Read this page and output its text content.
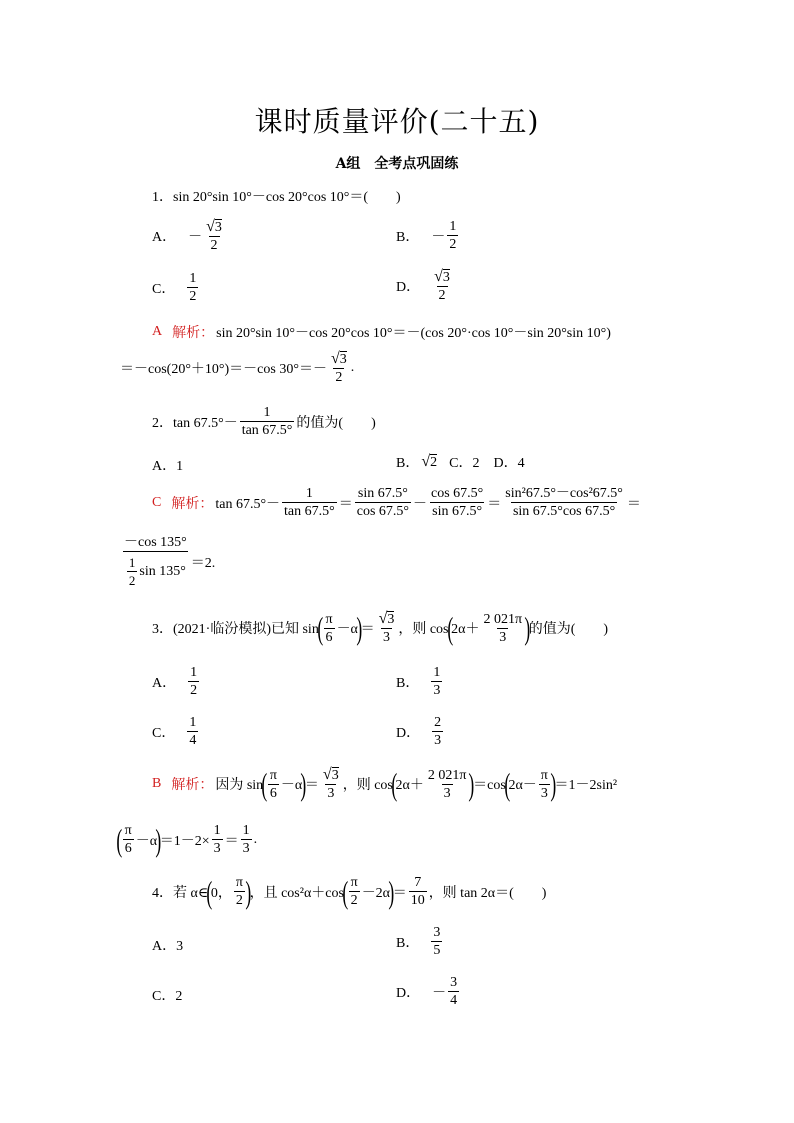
课时质量评价(二十五)
A组　全考点巩固练
1．sin 20°sin 10°－cos 20°cos 10°＝(　　)
A． － $\frac{√ 3}{2}$	B． － $\frac{1}{2}$
C． $\frac{1}{2}$	D． $\frac{√ 3}{2}$
A 解析： sin 20°sin 10°－cos 20°cos 10°＝－(cos 20°·cos 10°－sin 20°sin 10°)
＝－cos(20°＋10°)＝－cos $30^\circ=- \frac{√ 3}{2}$ .
2．$\tan 67.5^\circ- \frac{1}{\tan 67.5^\circ}$ 的值为(　　)
A．1	B． √ 2 C．2 D．4
C 解析： $\tan 67.5^\circ- \frac{1}{\tan 67.5^\circ} = \frac{\sin 67.5^\circ}{\cos 67.5^\circ} - \frac{\cos 67.5^\circ}{\sin 67.5^\circ} = \frac{\text{sin²67.5°－cos²67.5°}}{\sin 67.5^\circ\cos 67.5^\circ}$ ＝
$\frac{-\cos 135^\circ}{\frac{1}{2} \sin 135^\circ} =2$.
3．(2021·临汾模拟)已知 sin
( $\frac{\pi}{6} -\alpha$
)
＝ $\frac{√ 3}{3}$ ，则 cos
(
$2\alpha+ \frac{2 021\pi}{3}$ )
的值为(　　)
A． $\frac{1}{2}$	B． $\frac{1}{3}$
C． $\frac{1}{4}$	D． $\frac{2}{3}$
B 解析： 因为 sin
( $\frac{\pi}{6} -\alpha$
)
＝ $\frac{√ 3}{3}$ ，则 cos
(
$2\alpha+ \frac{2 021\pi}{3}$ )
＝cos
(
$2\alpha- \frac{\pi}{3}$ )
＝1－2sin²
( $\frac{\pi}{6} -\alpha$
)
$=1-2\times \frac{1}{3} = \frac{1}{3}$ .
4．若 α∈
(
0， $\frac{\pi}{2}$ )
，且 cos²α＋cos
( $\frac{\pi}{2} -2\alpha$
)
＝ $\frac{7}{10}$ ，则 tan 2α＝(　　)
A．3	B． $\frac{3}{5}$
C．2	D． － $\frac{3}{4}$
